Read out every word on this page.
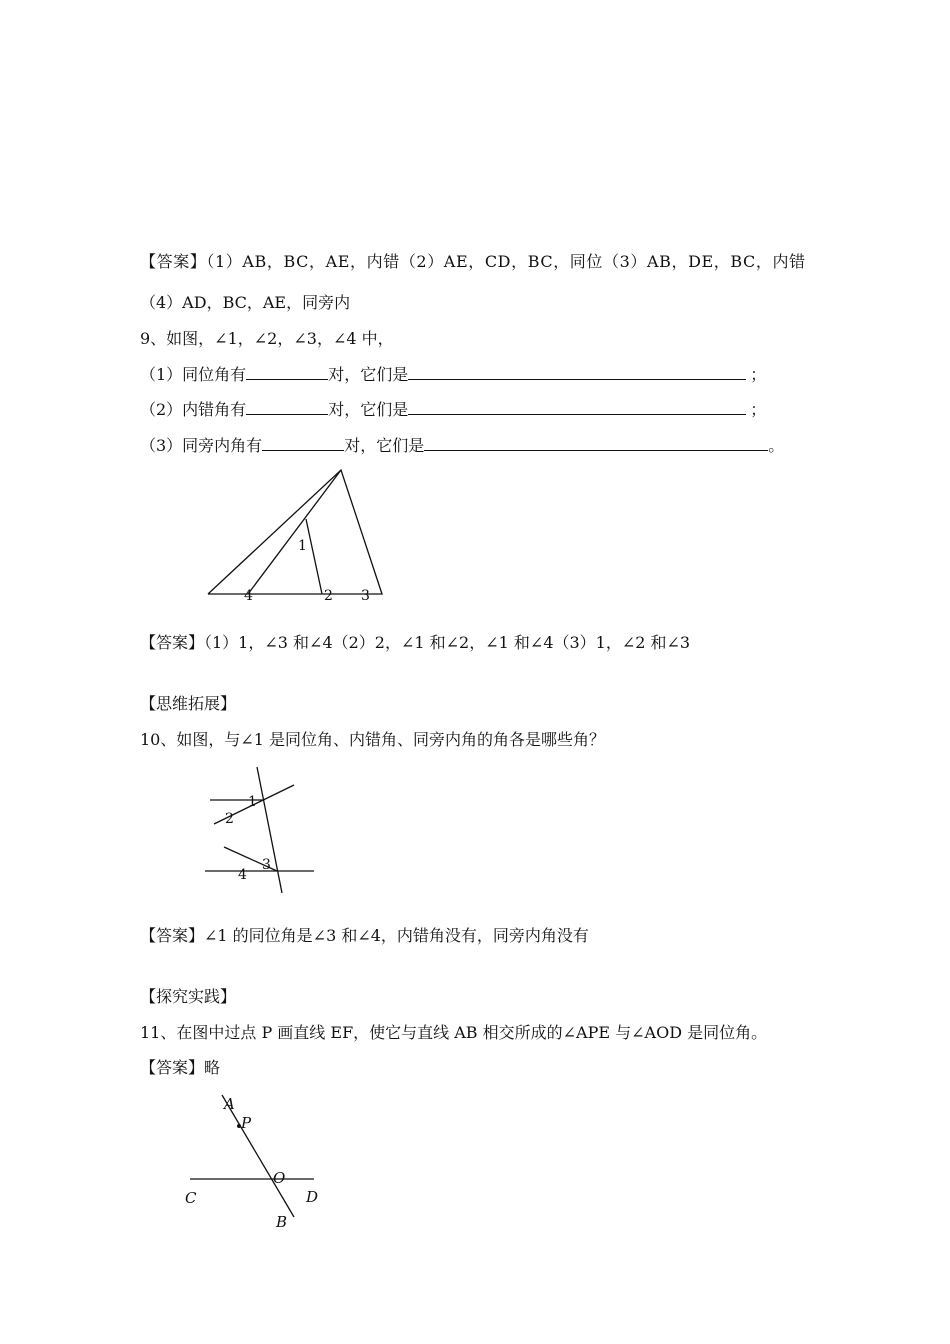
【答案】（1）AB，BC，AE，内错（2）AE，CD，BC，同位（3）AB，DE，BC，内错
（4）AD，BC，AE，同旁内
9、如图，∠1，∠2，∠3，∠4 中，
（1）同位角有	对，它们是	；
（2）内错角有	对，它们是	；
（3）同旁内角有	对，它们是	。
1
4	2 3
【答案】（1）1，∠3 和∠4（2）2，∠1 和∠2，∠1 和∠4（3）1，∠2 和∠3
【思维拓展】
10、如图，与∠1 是同位角、内错角、同旁内角的角各是哪些角？
1
2
3
4
【答案】∠1 的同位角是∠3 和∠4，内错角没有，同旁内角没有
【探究实践】
11、在图中过点 P 画直线 EF，使它与直线 AB 相交所成的∠APE 与∠AOD 是同位角。
【答案】略
A
P
O
C	D
B
